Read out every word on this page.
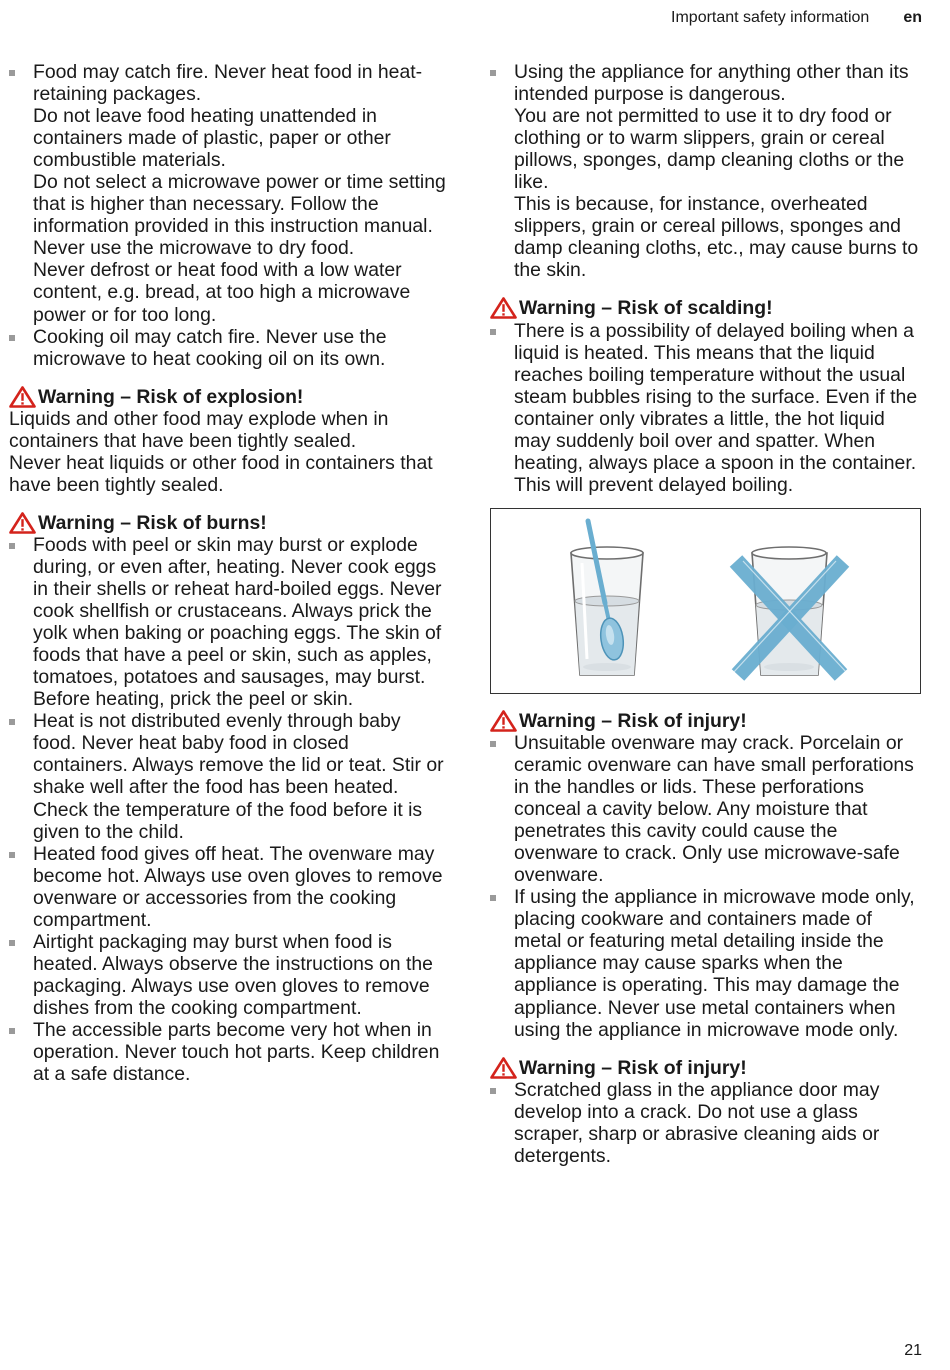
Important safety information en

Food may catch fire. Never heat food in heat-retaining packages.

Do not leave food heating unattended in containers made of plastic, paper or other combustible materials.

Do not select a microwave power or time setting that is higher than necessary. Follow the information provided in this instruction manual.

Never use the microwave to dry food.

Never defrost or heat food with a low water content, e.g. bread, at too high a microwave power or for too long.

Cooking oil may catch fire. Never use the microwave to heat cooking oil on its own.

Warning – Risk of explosion!

Liquids and other food may explode when in containers that have been tightly sealed.

Never heat liquids or other food in containers that have been tightly sealed.

Warning – Risk of burns!

Foods with peel or skin may burst or explode during, or even after, heating. Never cook eggs in their shells or reheat hard-boiled eggs. Never cook shellfish or crustaceans. Always prick the yolk when baking or poaching eggs. The skin of foods that have a peel or skin, such as apples, tomatoes, potatoes and sausages, may burst. Before heating, prick the peel or skin.

Heat is not distributed evenly through baby food. Never heat baby food in closed containers. Always remove the lid or teat. Stir or shake well after the food has been heated. Check the temperature of the food before it is given to the child.

Heated food gives off heat. The ovenware may become hot. Always use oven gloves to remove ovenware or accessories from the cooking compartment.

Airtight packaging may burst when food is heated. Always observe the instructions on the packaging. Always use oven gloves to remove dishes from the cooking compartment.

The accessible parts become very hot when in operation. Never touch hot parts. Keep children at a safe distance.

Using the appliance for anything other than its intended purpose is dangerous.

You are not permitted to use it to dry food or clothing or to warm slippers, grain or cereal pillows, sponges, damp cleaning cloths or the like.

This is because, for instance, overheated slippers, grain or cereal pillows, sponges and damp cleaning cloths, etc., may cause burns to the skin.

Warning – Risk of scalding!

There is a possibility of delayed boiling when a liquid is heated. This means that the liquid reaches boiling temperature without the usual steam bubbles rising to the surface. Even if the container only vibrates a little, the hot liquid may suddenly boil over and spatter. When heating, always place a spoon in the container. This will prevent delayed boiling.

Warning – Risk of injury!

Unsuitable ovenware may crack. Porcelain or ceramic ovenware can have small perforations in the handles or lids. These perforations conceal a cavity below. Any moisture that penetrates this cavity could cause the ovenware to crack. Only use microwave-safe ovenware.

If using the appliance in microwave mode only, placing cookware and containers made of metal or featuring metal detailing inside the appliance may cause sparks when the appliance is operating. This may damage the appliance. Never use metal containers when using the appliance in microwave mode only.

Warning – Risk of injury!

Scratched glass in the appliance door may develop into a crack. Do not use a glass scraper, sharp or abrasive cleaning aids or detergents.

21
